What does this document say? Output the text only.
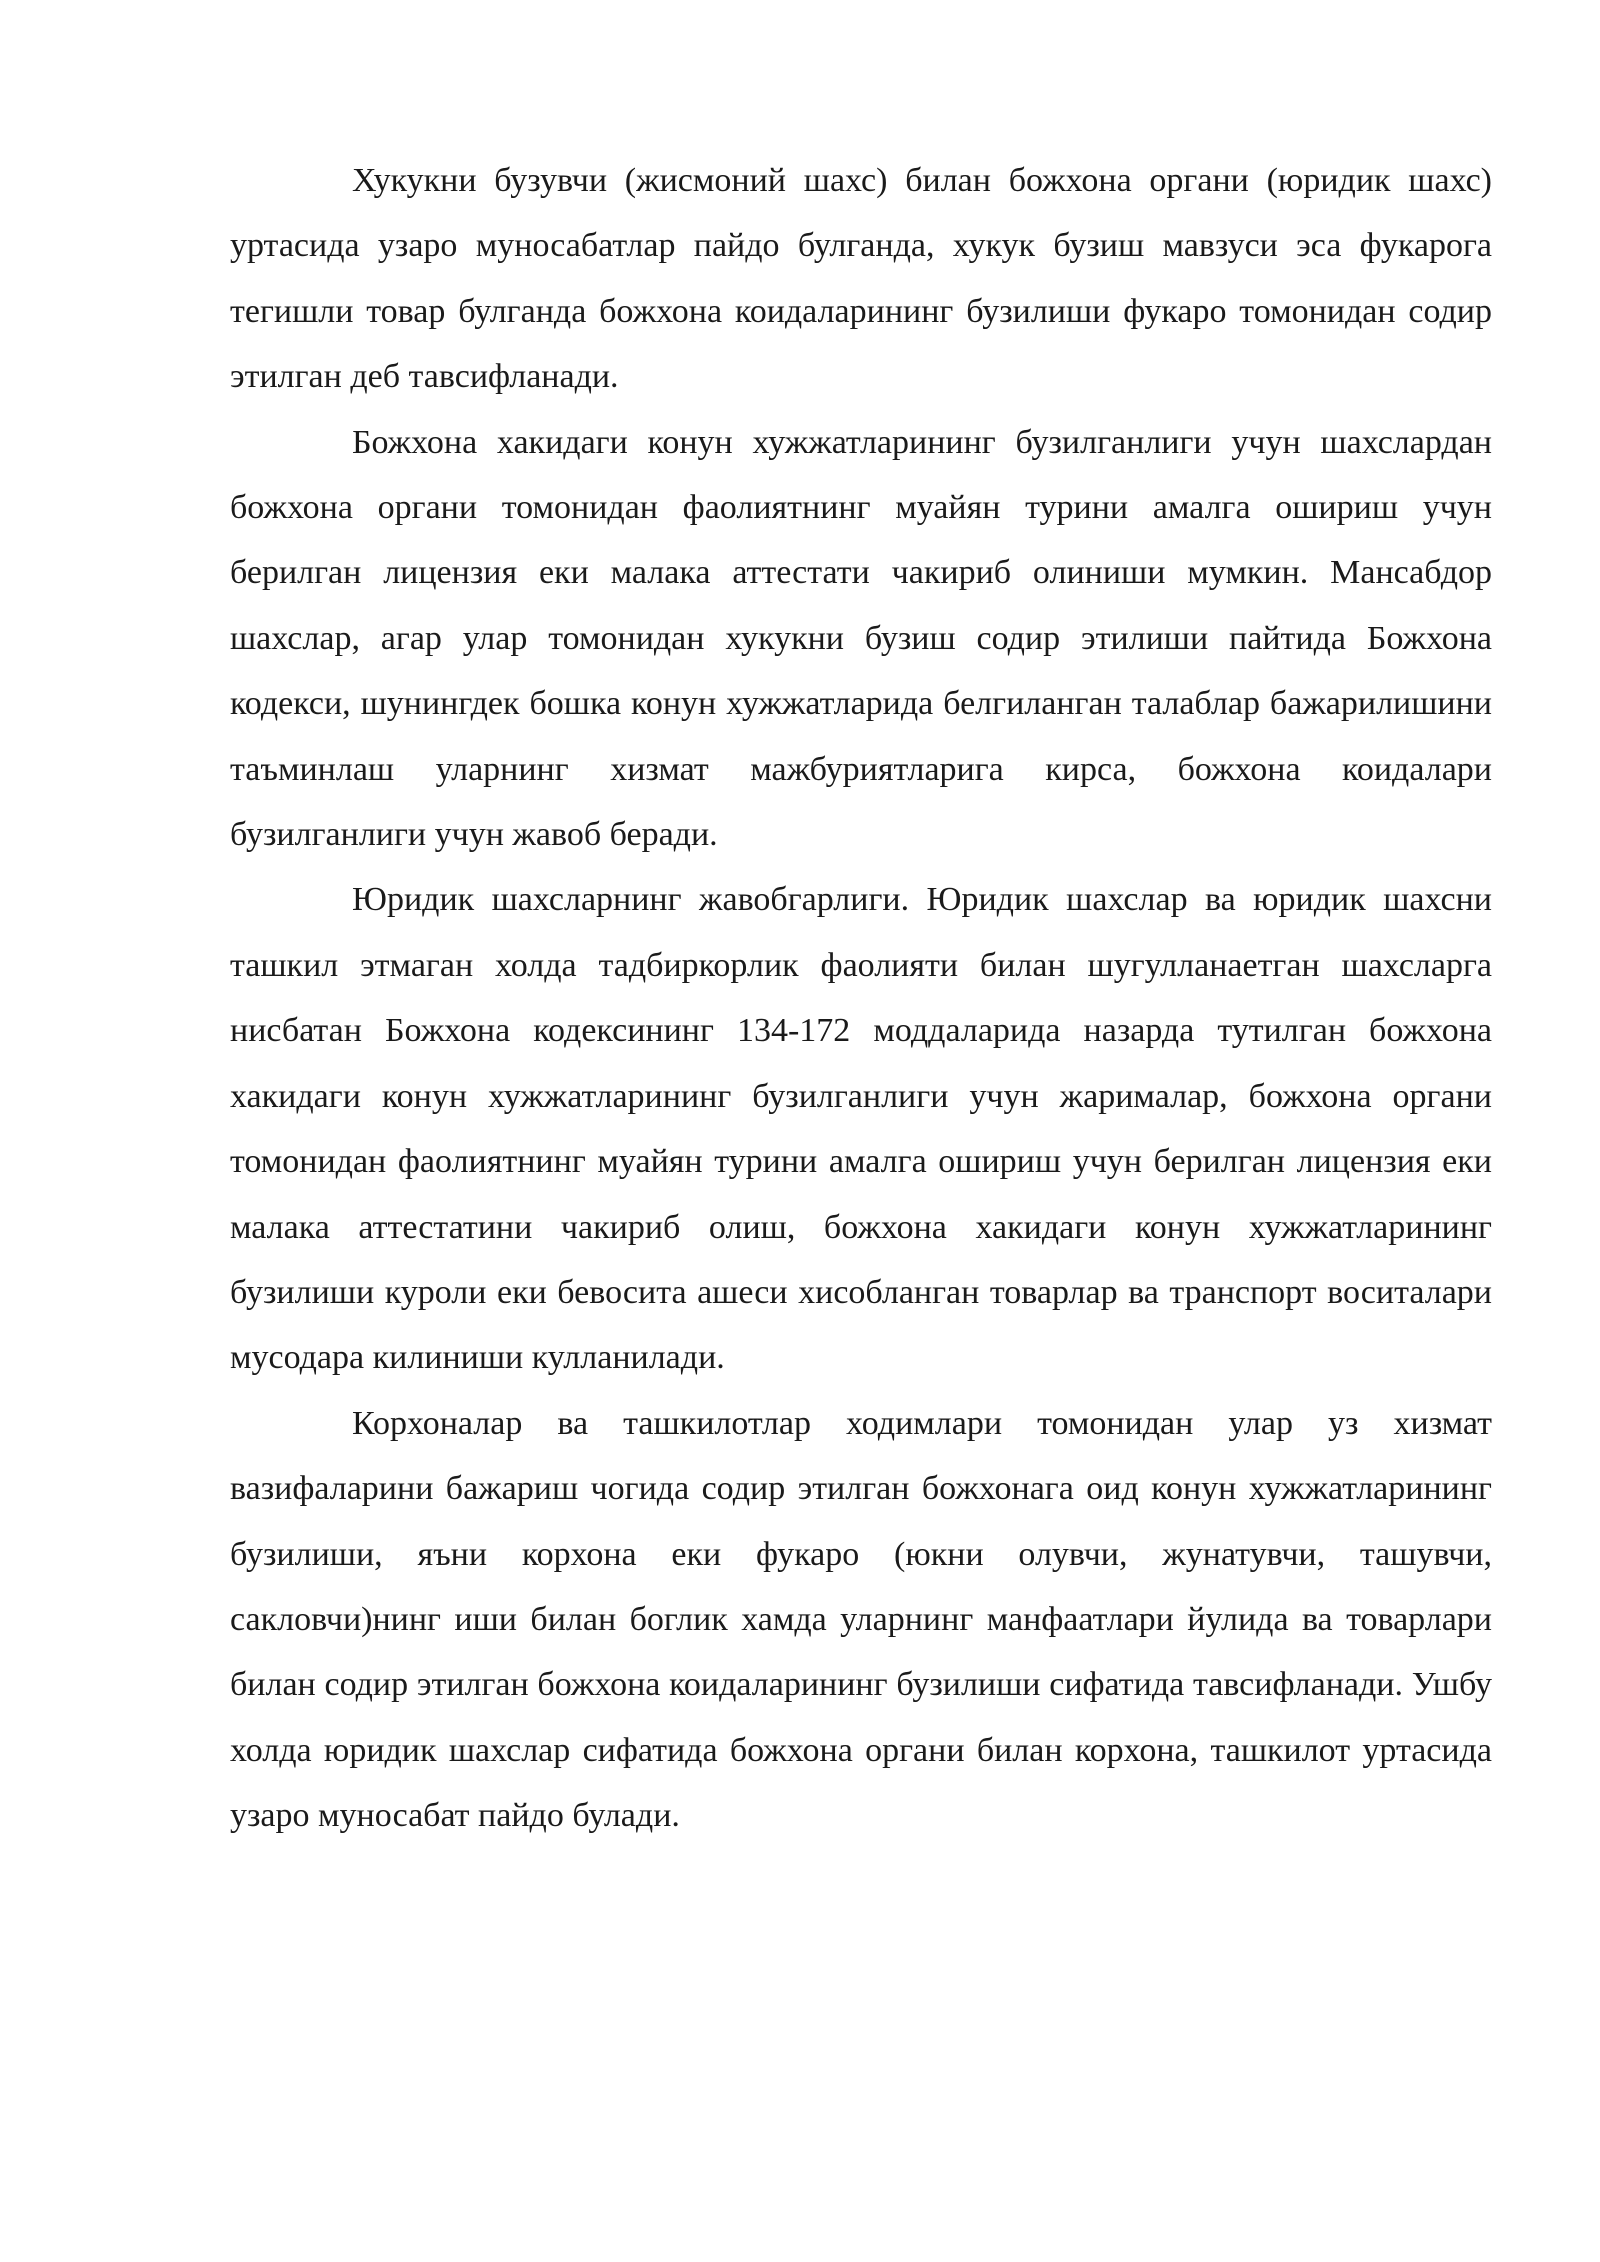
Хукукни бузувчи (жисмоний шахс) билан божхона органи (юридик шахс) уртасида узаро муносабатлар пайдо булганда, хукук бузиш мавзуси эса фукарога тегишли товар булганда божхона коидаларининг бузилиши фукаро томонидан содир этилган деб тавсифланади.

Божхона хакидаги конун хужжатларининг бузилганлиги учун шахслардан божхона органи томонидан фаолиятнинг муайян турини амалга ошириш учун берилган лицензия еки малака аттестати чакириб олиниши мумкин. Мансабдор шахслар, агар улар томонидан хукукни бузиш содир этилиши пайтида Божхона кодекси, шунингдек бошка конун хужжатларида белгиланган талаблар бажарилишини таъминлаш уларнинг хизмат мажбуриятларига кирса, божхона коидалари бузилганлиги учун жавоб беради.

Юридик шахсларнинг жавобгарлиги. Юридик шахслар ва юридик шахсни ташкил этмаган холда тадбиркорлик фаолияти билан шугулланаетган шахсларга нисбатан Божхона кодексининг 134-172 моддаларида назарда тутилган божхона хакидаги конун хужжатларининг бузилганлиги учун жарималар, божхона органи томонидан фаолиятнинг муайян турини амалга ошириш учун берилган лицензия еки малака аттестатини чакириб олиш, божхона хакидаги конун хужжатларининг бузилиши куроли еки бевосита ашеси хисобланган товарлар ва транспорт воситалари мусодара килиниши кулланилади.

Корхоналар ва ташкилотлар ходимлари томонидан улар уз хизмат вазифаларини бажариш чогида содир этилган божхонага оид конун хужжатларининг бузилиши, яъни корхона еки фукаро (юкни олувчи, жунатувчи, ташувчи, сакловчи)нинг иши билан боглик хамда уларнинг манфаатлари йулида ва товарлари билан содир этилган божхона коидаларининг бузилиши сифатида тавсифланади. Ушбу холда юридик шахслар сифатида божхона органи билан корхона, ташкилот уртасида узаро муносабат пайдо булади.
